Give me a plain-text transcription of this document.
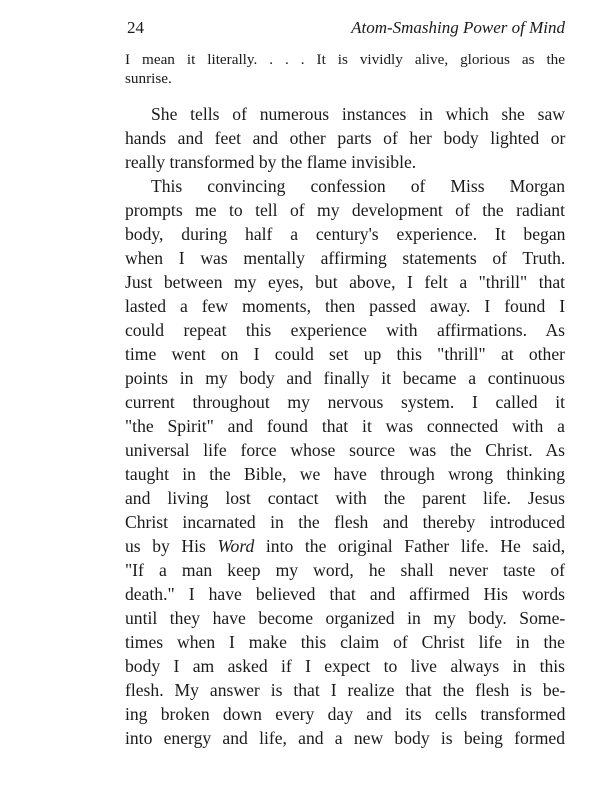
24	Atom-Smashing Power of Mind
I mean it literally. . . . It is vividly alive, glorious as the
sunrise.
She tells of numerous instances in which she saw
hands and feet and other parts of her body lighted or
really transformed by the flame invisible.
This convincing confession of Miss Morgan
prompts me to tell of my development of the radiant
body, during half a century's experience. It began
when I was mentally affirming statements of Truth.
Just between my eyes, but above, I felt a "thrill" that
lasted a few moments, then passed away. I found I
could repeat this experience with affirmations. As
time went on I could set up this "thrill" at other
points in my body and finally it became a continuous
current throughout my nervous system. I called it
"the Spirit" and found that it was connected with a
universal life force whose source was the Christ. As
taught in the Bible, we have through wrong thinking
and living lost contact with the parent life. Jesus
Christ incarnated in the flesh and thereby introduced
us by His Word into the original Father life. He said,
"If a man keep my word, he shall never taste of
death." I have believed that and affirmed His words
until they have become organized in my body. Some-
times when I make this claim of Christ life in the
body I am asked if I expect to live always in this
flesh. My answer is that I realize that the flesh is be-
ing broken down every day and its cells transformed
into energy and life, and a new body is being formed
